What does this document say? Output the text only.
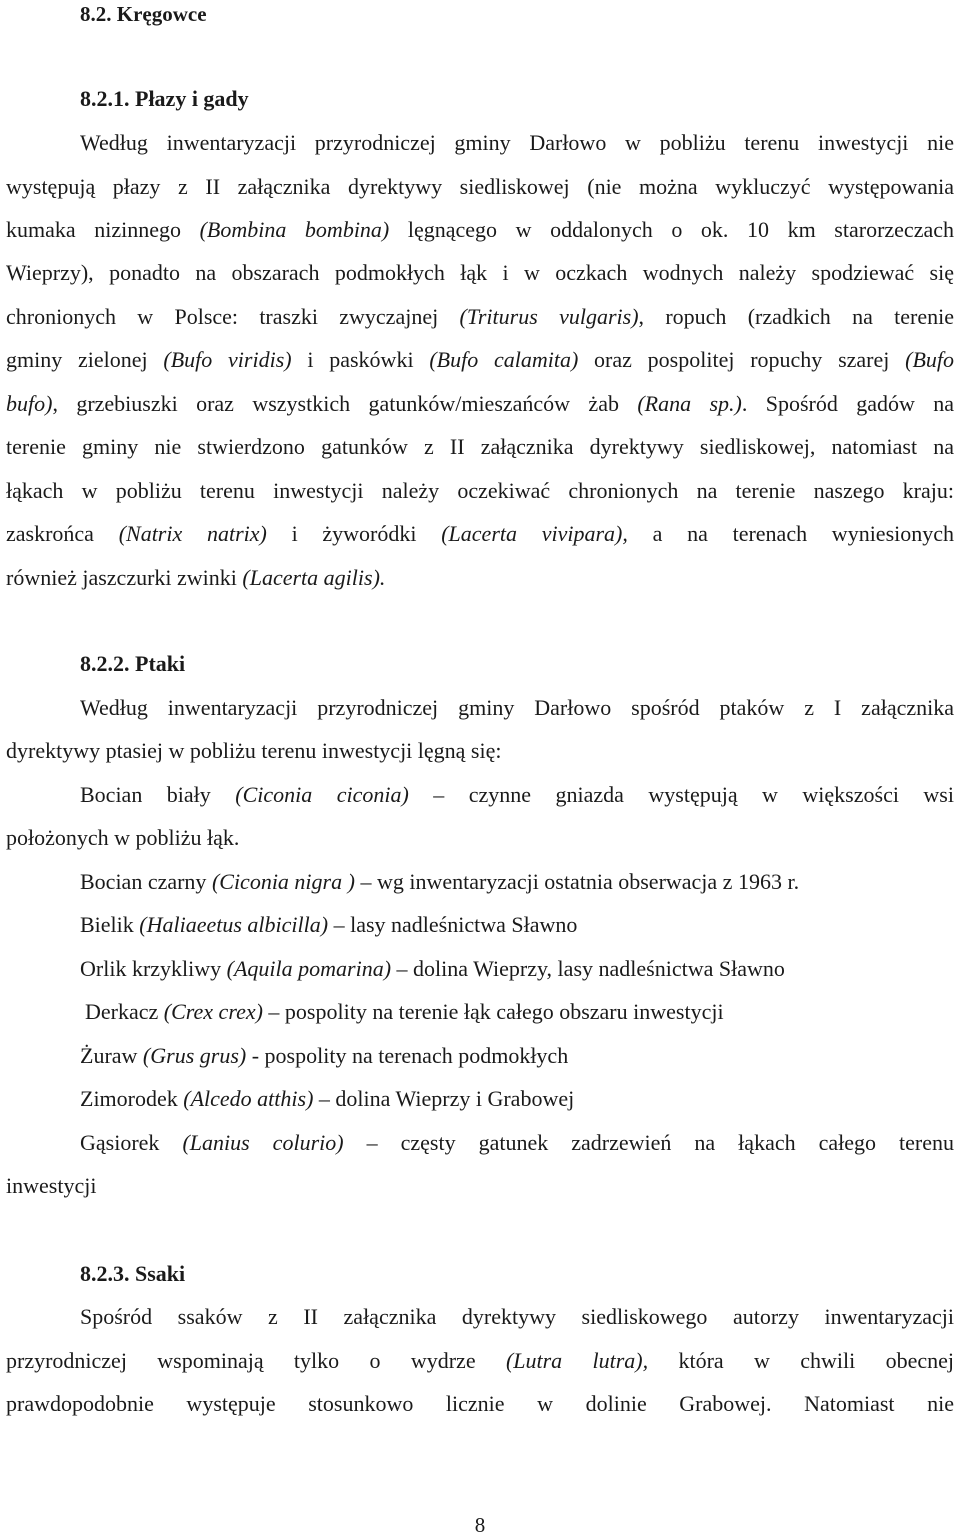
8.2. Kręgowce

8.2.1. Płazy i gady

Według inwentaryzacji przyrodniczej gminy Darłowo w pobliżu terenu inwestycji nie

występują płazy z II załącznika dyrektywy siedliskowej (nie można wykluczyć występowania

kumaka nizinnego (Bombina bombina) lęgnącego w oddalonych o ok. 10 km starorzeczach

Wieprzy), ponadto na obszarach podmokłych łąk i w oczkach wodnych należy spodziewać się

chronionych w Polsce: traszki zwyczajnej (Triturus vulgaris), ropuch (rzadkich na terenie

gminy zielonej (Bufo viridis) i paskówki (Bufo calamita) oraz pospolitej ropuchy szarej (Bufo

bufo), grzebiuszki oraz wszystkich gatunków/mieszańców żab (Rana sp.). Spośród gadów na

terenie gminy nie stwierdzono gatunków z II załącznika dyrektywy siedliskowej, natomiast na

łąkach w pobliżu terenu inwestycji należy oczekiwać chronionych na terenie naszego kraju:

zaskrońca (Natrix natrix) i żyworódki (Lacerta vivipara), a na terenach wyniesionych

również jaszczurki zwinki (Lacerta agilis).

8.2.2. Ptaki

Według inwentaryzacji przyrodniczej gminy Darłowo spośród ptaków z I załącznika

dyrektywy ptasiej w pobliżu terenu inwestycji lęgną się:

Bocian biały (Ciconia ciconia) – czynne gniazda występują w większości wsi

położonych w pobliżu łąk.

Bocian czarny (Ciconia nigra ) – wg inwentaryzacji ostatnia obserwacja z 1963 r.

Bielik (Haliaeetus albicilla) – lasy nadleśnictwa Sławno

Orlik krzykliwy (Aquila pomarina) – dolina Wieprzy, lasy nadleśnictwa Sławno

Derkacz (Crex crex) – pospolity na terenie łąk całego obszaru inwestycji

Żuraw (Grus grus) - pospolity na terenach podmokłych

Zimorodek (Alcedo atthis) – dolina Wieprzy i Grabowej

Gąsiorek (Lanius colurio) – częsty gatunek zadrzewień na łąkach całego terenu

inwestycji

8.2.3. Ssaki

Spośród ssaków z II załącznika dyrektywy siedliskowego autorzy inwentaryzacji

przyrodniczej wspominają tylko o wydrze (Lutra lutra), która w chwili obecnej

prawdopodobnie występuje stosunkowo licznie w dolinie Grabowej. Natomiast nie

8
